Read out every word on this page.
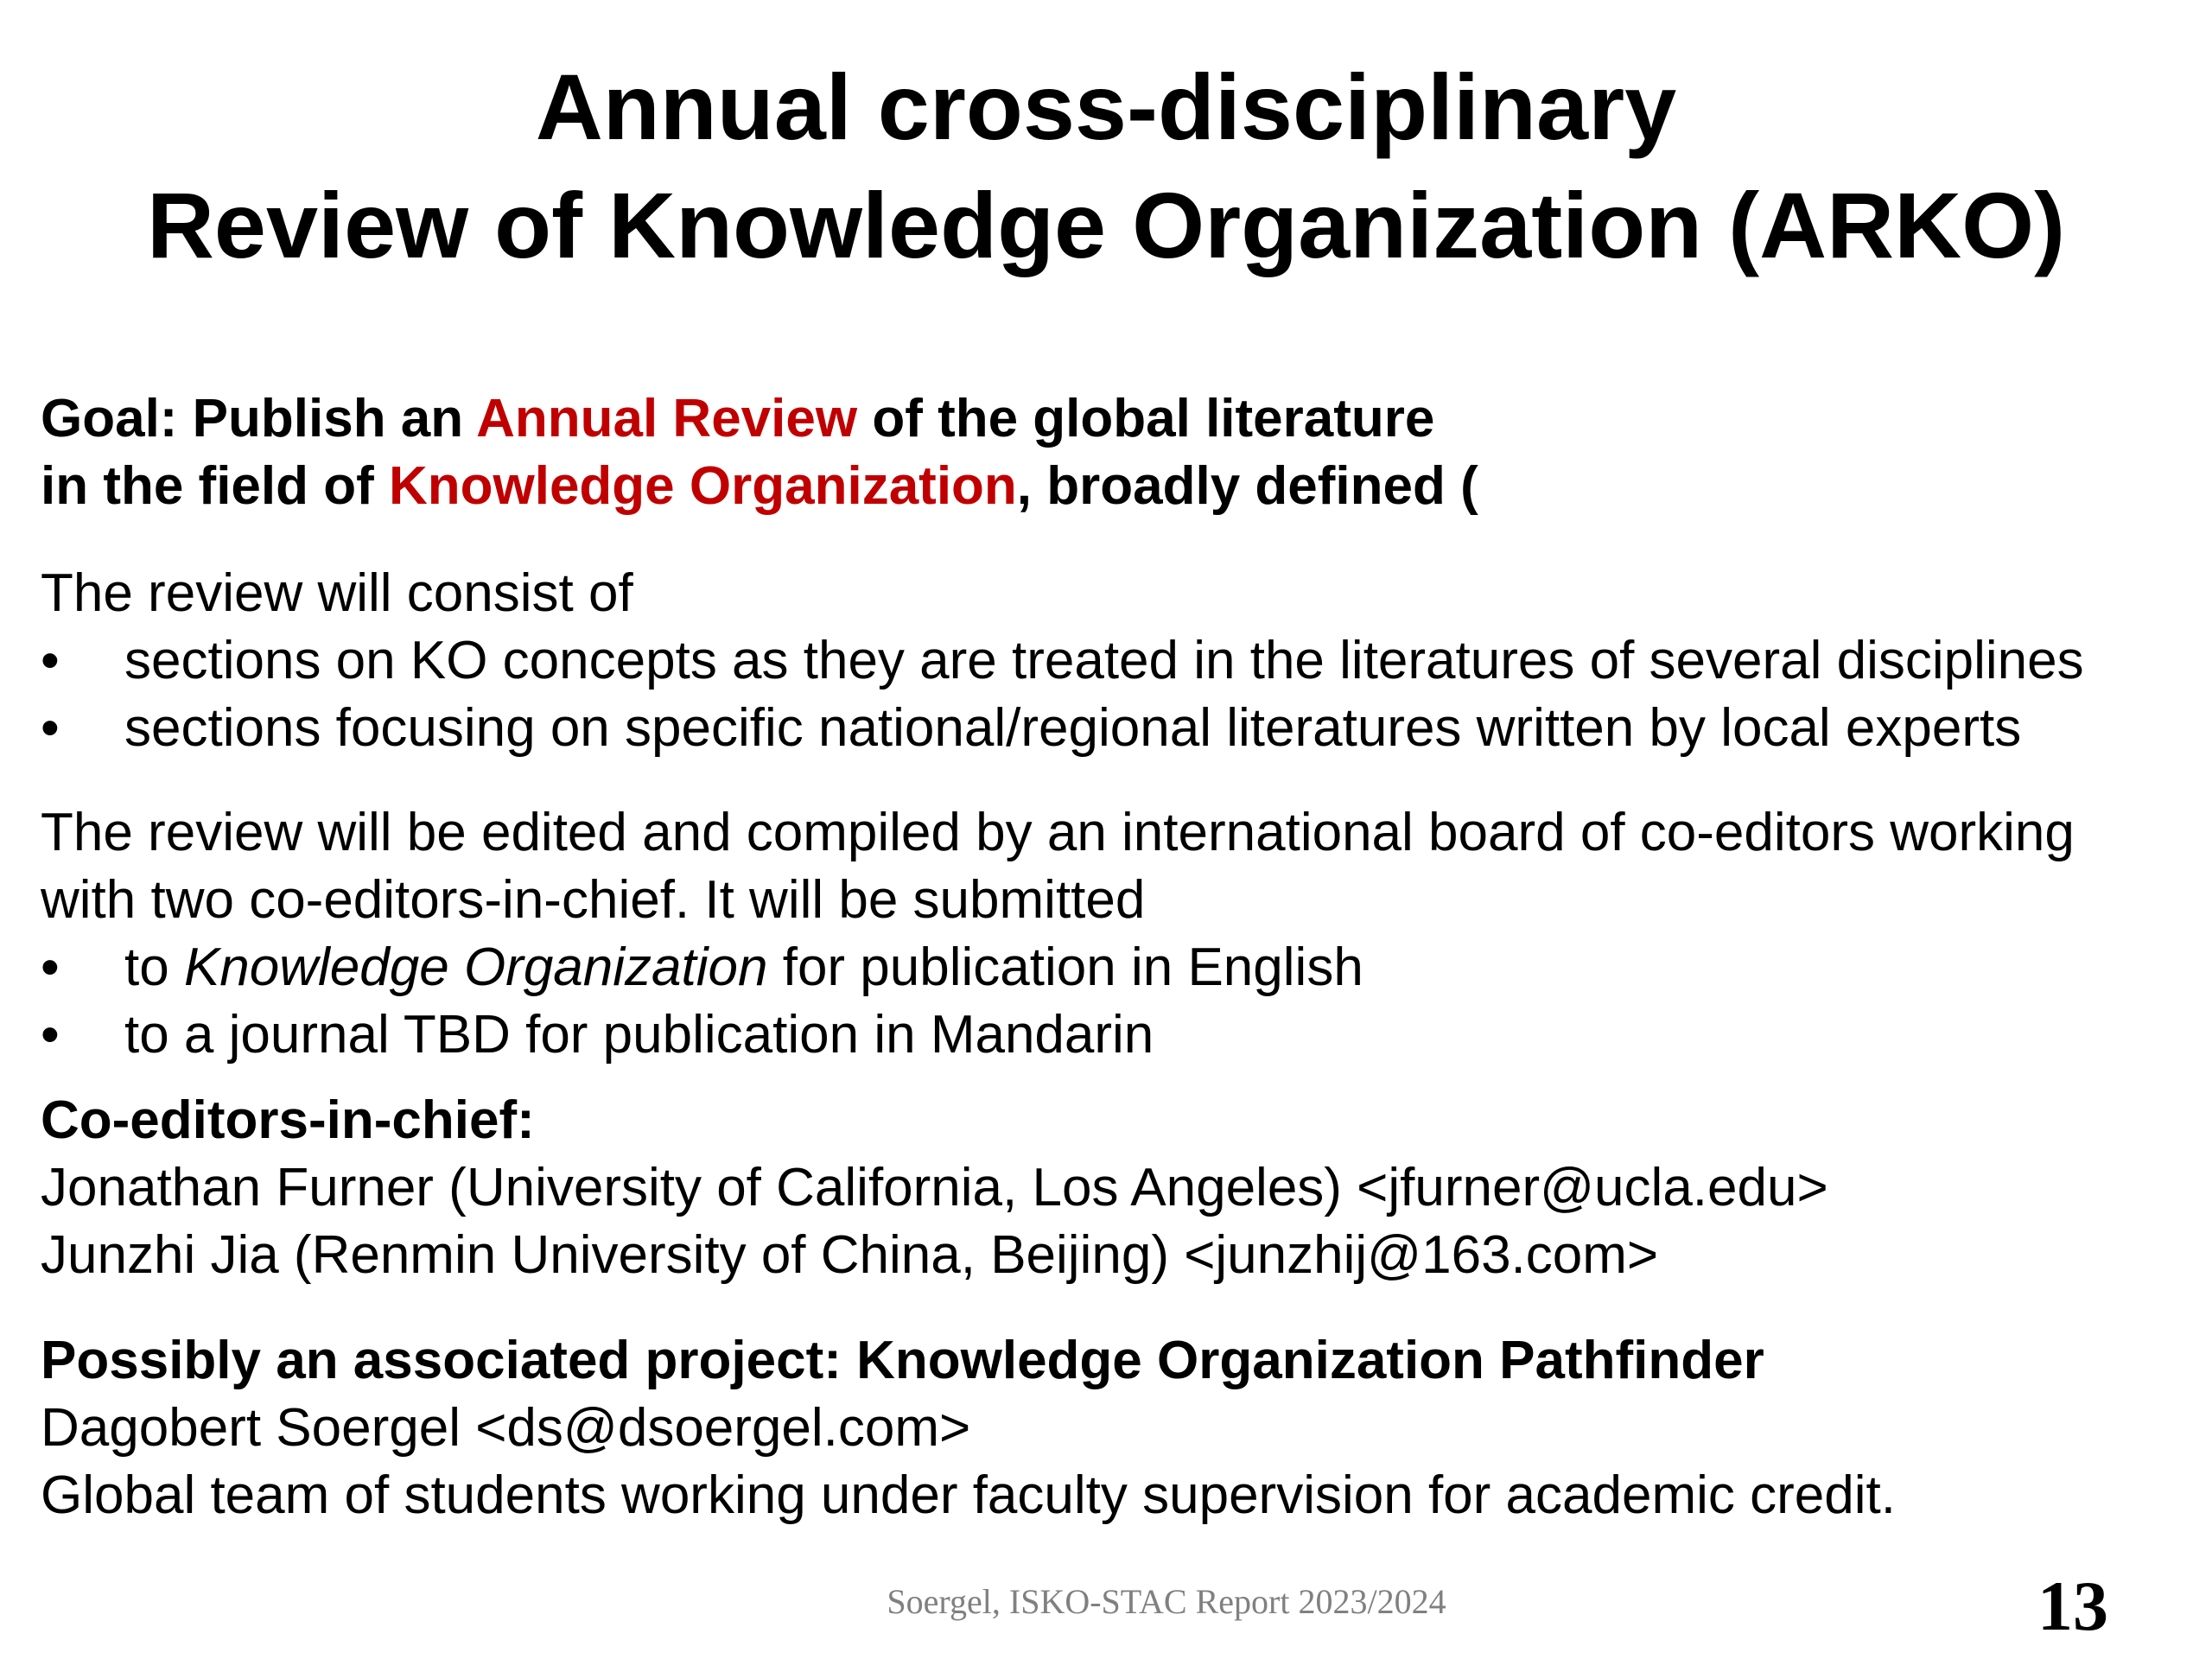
Annual cross-disciplinary
Review of Knowledge Organization (ARKO)
Goal: Publish an Annual Review of the global literature
in the field of Knowledge Organization, broadly defined (
The review will consist of
• sections on KO concepts as they are treated in the literatures of several disciplines
• sections focusing on specific national/regional literatures written by local experts
The review will be edited and compiled by an international board of co-editors working
with two co-editors-in-chief. It will be submitted
• to Knowledge Organization for publication in English
• to a journal TBD for publication in Mandarin
Co-editors-in-chief:
Jonathan Furner (University of California, Los Angeles) <jfurner@ucla.edu>
Junzhi Jia (Renmin University of China, Beijing) <junzhij@163.com>
Possibly an associated project: Knowledge Organization Pathfinder
Dagobert Soergel <ds@dsoergel.com>
Global team of students working under faculty supervision for academic credit.
Soergel, ISKO-STAC Report 2023/2024	13
